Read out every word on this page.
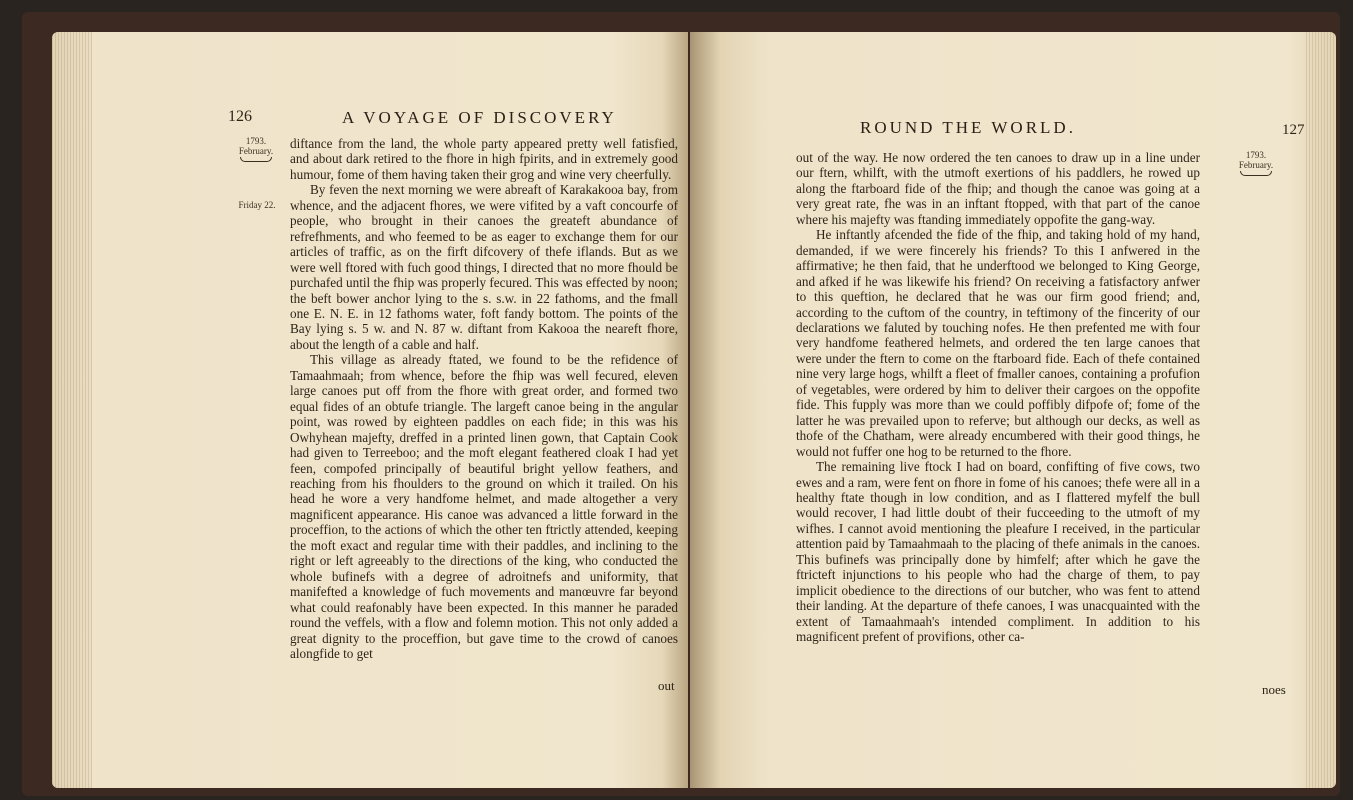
126	A VOYAGE OF DISCOVERY
1793. February.
Friday 22.

diftance from the land, the whole party appeared pretty well fatisfied, and about dark retired to the fhore in high fpirits, and in extremely good humour, fome of them having taken their grog and wine very cheerfully.

By feven the next morning we were abreaft of Karakakooa bay, from whence, and the adjacent fhores, we were vifited by a vaft concourfe of people, who brought in their canoes the greateft abundance of refrefhments, and who feemed to be as eager to exchange them for our articles of traffic, as on the firft difcovery of thefe iflands. But as we were well ftored with fuch good things, I directed that no more fhould be purchafed until the fhip was properly fecured. This was effected by noon; the beft bower anchor lying to the s. s.w. in 22 fathoms, and the fmall one E. N. E. in 12 fathoms water, foft fandy bottom. The points of the Bay lying s. 5 w. and N. 87 w. diftant from Kakooa the neareft fhore, about the length of a cable and half.

This village as already ftated, we found to be the refidence of Tamaahmaah; from whence, before the fhip was well fecured, eleven large canoes put off from the fhore with great order, and formed two equal fides of an obtufe triangle. The largeft canoe being in the angular point, was rowed by eighteen paddles on each fide; in this was his Owhyhean majefty, dreffed in a printed linen gown, that Captain Cook had given to Terreeboo; and the moft elegant feathered cloak I had yet feen, compofed principally of beautiful bright yellow feathers, and reaching from his fhoulders to the ground on which it trailed. On his head he wore a very handfome helmet, and made altogether a very magnificent appearance. His canoe was advanced a little forward in the proceffion, to the actions of which the other ten ftrictly attended, keeping the moft exact and regular time with their paddles, and inclining to the right or left agreeably to the directions of the king, who conducted the whole bufinefs with a degree of adroitnefs and uniformity, that manifefted a knowledge of fuch movements and manœuvre far beyond what could reafonably have been expected. In this manner he paraded round the veffels, with a flow and folemn motion. This not only added a great dignity to the proceffion, but gave time to the crowd of canoes alongfide to get

out
ROUND THE WORLD.	127
1793. February.

out of the way. He now ordered the ten canoes to draw up in a line under our ftern, whilft, with the utmoft exertions of his paddlers, he rowed up along the ftarboard fide of the fhip; and though the canoe was going at a very great rate, fhe was in an inftant ftopped, with that part of the canoe where his majefty was ftanding immediately oppofite the gang-way.

He inftantly afcended the fide of the fhip, and taking hold of my hand, demanded, if we were fincerely his friends? To this I anfwered in the affirmative; he then faid, that he underftood we belonged to King George, and afked if he was likewife his friend? On receiving a fatisfactory anfwer to this queftion, he declared that he was our firm good friend; and, according to the cuftom of the country, in teftimony of the fincerity of our declarations we faluted by touching nofes. He then prefented me with four very handfome feathered helmets, and ordered the ten large canoes that were under the ftern to come on the ftarboard fide. Each of thefe contained nine very large hogs, whilft a fleet of fmaller canoes, containing a profufion of vegetables, were ordered by him to deliver their cargoes on the oppofite fide. This fupply was more than we could poffibly difpofe of; fome of the latter he was prevailed upon to referve; but although our decks, as well as thofe of the Chatham, were already encumbered with their good things, he would not fuffer one hog to be returned to the fhore.

The remaining live ftock I had on board, confifting of five cows, two ewes and a ram, were fent on fhore in fome of his canoes; thefe were all in a healthy ftate though in low condition, and as I flattered myfelf the bull would recover, I had little doubt of their fucceeding to the utmoft of my wifhes. I cannot avoid mentioning the pleafure I received, in the particular attention paid by Tamaahmaah to the placing of thefe animals in the canoes. This bufinefs was principally done by himfelf; after which he gave the ftricteft injunctions to his people who had the charge of them, to pay implicit obedience to the directions of our butcher, who was fent to attend their landing. At the departure of thefe canoes, I was unacquainted with the extent of Tamaahmaah's intended compliment. In addition to his magnificent prefent of provifions, other ca-

noes
